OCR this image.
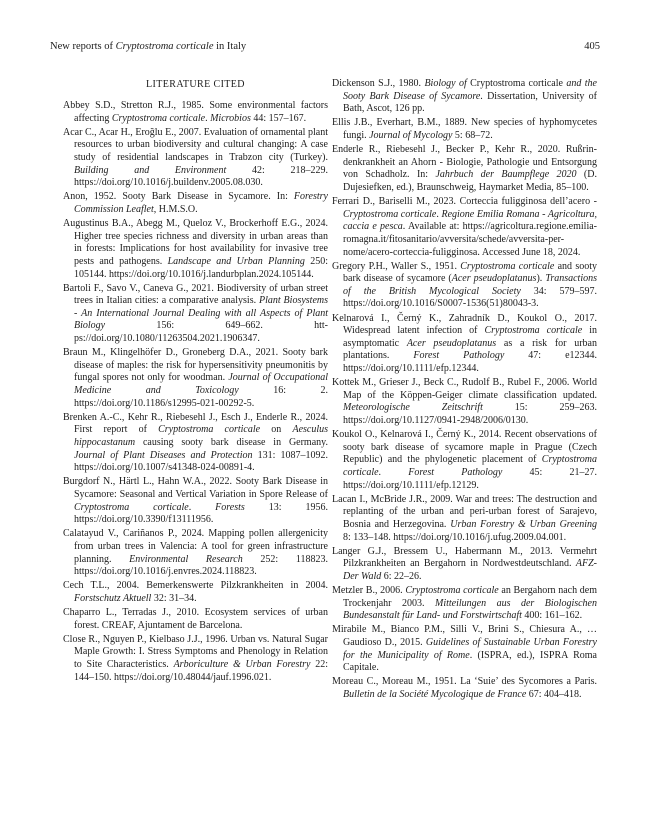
New reports of Cryptostroma corticale in Italy	405
LITERATURE CITED
Abbey S.D., Stretton R.J., 1985. Some environmental factors affecting Cryptostroma corticale. Microbios 44: 157–167.
Acar C., Acar H., Eroğlu E., 2007. Evaluation of ornamental plant resources to urban biodiversity and cultural changing: A case study of residential landscapes in Trabzon city (Turkey). Building and Environment 42: 218–229. https://doi.org/10.1016/j.buildenv.2005.08.030.
Anon, 1952. Sooty Bark Disease in Sycamore. In: Forestry Commission Leaflet, H.M.S.O.
Augustinus B.A., Abegg M., Queloz V., Brockerhoff E.G., 2024. Higher tree species richness and diversity in urban areas than in forests: Implications for host availability for invasive tree pests and pathogens. Landscape and Urban Planning 250: 105144. https://doi.org/10.1016/j.landurbplan.2024.105144.
Bartoli F., Savo V., Caneva G., 2021. Biodiversity of urban street trees in Italian cities: a comparative analysis. Plant Biosystems - An International Journal Dealing with all Aspects of Plant Biology 156: 649–662. https://doi.org/10.1080/11263504.2021.1906347.
Braun M., Klingelhöfer D., Groneberg D.A., 2021. Sooty bark disease of maples: the risk for hypersensitivity pneumonitis by fungal spores not only for woodman. Journal of Occupational Medicine and Toxicology 16: 2. https://doi.org/10.1186/s12995-021-00292-5.
Brenken A.-C., Kehr R., Riebesehl J., Esch J., Enderle R., 2024. First report of Cryptostroma corticale on Aesculus hippocastanum causing sooty bark disease in Germany. Journal of Plant Diseases and Protection 131: 1087–1092. https://doi.org/10.1007/s41348-024-00891-4.
Burgdorf N., Härtl L., Hahn W.A., 2022. Sooty Bark Disease in Sycamore: Seasonal and Vertical Variation in Spore Release of Cryptostroma corticale. Forests 13: 1956. https://doi.org/10.3390/f13111956.
Calatayud V., Cariñanos P., 2024. Mapping pollen allergenicity from urban trees in Valencia: A tool for green infrastructure planning. Environmental Research 252: 118823. https://doi.org/10.1016/j.envres.2024.118823.
Cech T.L., 2004. Bemerkenswerte Pilzkrankheiten in 2004. Forstschutz Aktuell 32: 31–34.
Chaparro L., Terradas J., 2010. Ecosystem services of urban forest. CREAF, Ajuntament de Barcelona.
Close R., Nguyen P., Kielbaso J.J., 1996. Urban vs. Natural Sugar Maple Growth: I. Stress Symptoms and Phenology in Relation to Site Characteristics. Arboriculture & Urban Forestry 22: 144–150. https://doi.org/10.48044/jauf.1996.021.
Dickenson S.J., 1980. Biology of Cryptostroma corticale and the Sooty Bark Disease of Sycamore. Dissertation, University of Bath, Ascot, 126 pp.
Ellis J.B., Everhart, B.M., 1889. New species of hyphomycetes fungi. Journal of Mycology 5: 68–72.
Enderle R., Riebesehl J., Becker P., Kehr R., 2020. Rußrindenkrankheit an Ahorn - Biologie, Pathologie und Entsorgung von Schadholz. In: Jahrbuch der Baumpflege 2020 (D. Dujesiefken, ed.), Braunschweig, Haymarket Media, 85–100.
Ferrari D., Bariselli M., 2023. Corteccia fuligginosa dell’acero - Cryptostroma corticale. Regione Emilia Romana - Agricoltura, caccia e pesca. Available at: https://agricoltura.regione.emilia-romagna.it/fitosanitario/avversita/schede/avversita-per-nome/acero-corteccia-fuligginosa. Accessed June 18, 2024.
Gregory P.H., Waller S., 1951. Cryptostroma corticale and sooty bark disease of sycamore (Acer pseudoplatanus). Transactions of the British Mycological Society 34: 579–597. https://doi.org/10.1016/S0007-1536(51)80043-3.
Kelnarová I., Černý K., Zahradník D., Koukol O., 2017. Widespread latent infection of Cryptostroma corticale in asymptomatic Acer pseudoplatanus as a risk for urban plantations. Forest Pathology 47: e12344. https://doi.org/10.1111/efp.12344.
Kottek M., Grieser J., Beck C., Rudolf B., Rubel F., 2006. World Map of the Köppen-Geiger climate classification updated. Meteorologische Zeitschrift 15: 259–263. https://doi.org/10.1127/0941-2948/2006/0130.
Koukol O., Kelnarová I., Černý K., 2014. Recent observations of sooty bark disease of sycamore maple in Prague (Czech Republic) and the phylogenetic placement of Cryptostroma corticale. Forest Pathology 45: 21–27. https://doi.org/10.1111/efp.12129.
Lacan I., McBride J.R., 2009. War and trees: The destruction and replanting of the urban and peri-urban forest of Sarajevo, Bosnia and Herzegovina. Urban Forestry & Urban Greening 8: 133–148. https://doi.org/10.1016/j.ufug.2009.04.001.
Langer G.J., Bressem U., Habermann M., 2013. Vermehrt Pilzkrankheiten an Bergahorn in Nordwestdeutschland. AFZ-Der Wald 6: 22–26.
Metzler B., 2006. Cryptostroma corticale an Bergahorn nach dem Trockenjahr 2003. Mitteilungen aus der Biologischen Bundesanstalt für Land- und Forstwirtschaft 400: 161–162.
Mirabile M., Bianco P.M., Silli V., Brini S., Chiesura A., … Gaudioso D., 2015. Guidelines of Sustainable Urban Forestry for the Municipality of Rome. (ISPRA, ed.), ISPRA Roma Capitale.
Moreau C., Moreau M., 1951. La ‘Suie’ des Sycomores a Paris. Bulletin de la Société Mycologique de France 67: 404–418.
